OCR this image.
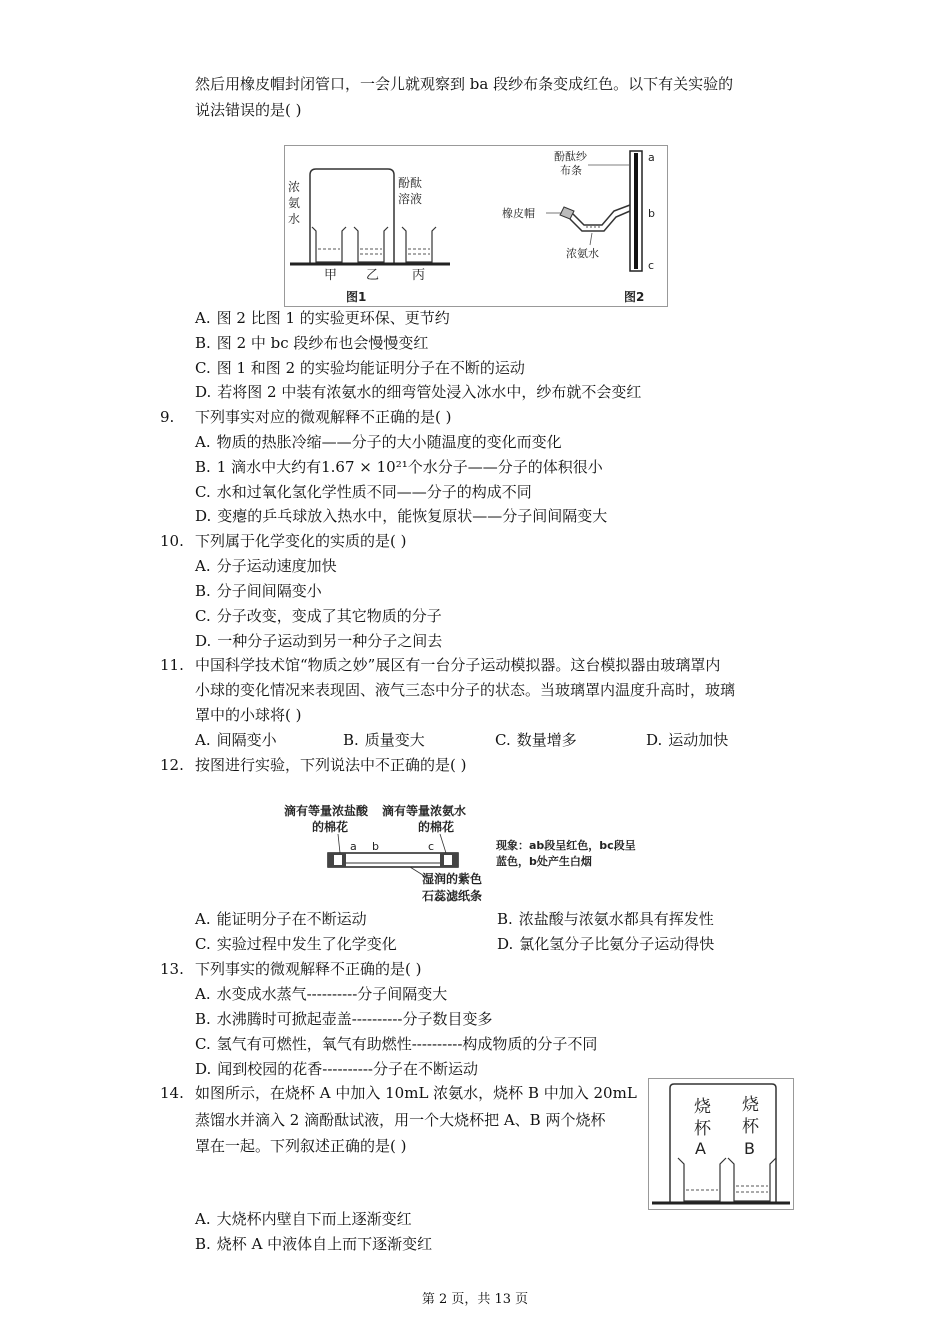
然后用橡皮帽封闭管口，一会儿就观察到 ba 段纱布条变成红色。以下有关实验的
说法错误的是( )
浓氨水
酚酞溶液
甲 乙	丙
图1
酚酞纱
布条
橡皮帽
浓氨水
a
b
c
图2
A. 图 2 比图 1 的实验更环保、更节约
B. 图 2 中 bc 段纱布也会慢慢变红
C. 图 1 和图 2 的实验均能证明分子在不断的运动
D. 若将图 2 中装有浓氨水的细弯管处浸入冰水中，纱布就不会变红
9. 下列事实对应的微观解释不正确的是( )
A. 物质的热胀冷缩——分子的大小随温度的变化而变化
B. 1 滴水中大约有1.67 × 10²¹个水分子——分子的体积很小
C. 水和过氧化氢化学性质不同——分子的构成不同
D. 变瘪的乒乓球放入热水中，能恢复原状——分子间间隔变大
10. 下列属于化学变化的实质的是( )
A. 分子运动速度加快
B. 分子间间隔变小
C. 分子改变，变成了其它物质的分子
D. 一种分子运动到另一种分子之间去
11. 中国科学技术馆“物质之妙”展区有一台分子运动模拟器。这台模拟器由玻璃罩内
小球的变化情况来表现固、液气三态中分子的状态。当玻璃罩内温度升高时，玻璃
罩中的小球将( )
A. 间隔变小	B. 质量变大	C. 数量增多	D. 运动加快
12. 按图进行实验，下列说法中不正确的是( )
滴有等量浓盐酸
的棉花
滴有等量浓氨水
的棉花
a b	c
湿润的紫色
石蕊滤纸条
现象：ab段呈红色，bc段呈
蓝色，b处产生白烟
A. 能证明分子在不断运动	B. 浓盐酸与浓氨水都具有挥发性
C. 实验过程中发生了化学变化	D. 氯化氢分子比氨分子运动得快
13. 下列事实的微观解释不正确的是( )
A. 水变成水蒸气----------分子间隔变大
B. 水沸腾时可掀起壶盖----------分子数目变多
C. 氢气有可燃性，氧气有助燃性----------构成物质的分子不同
D. 闻到校园的花香----------分子在不断运动
14. 如图所示，在烧杯 A 中加入 10mL 浓氨水，烧杯 B 中加入 20mL
蒸馏水并滴入 2 滴酚酞试液，用一个大烧杯把 A、B 两个烧杯
罩在一起。下列叙述正确的是( )
烧
杯
A
烧
杯
B
A. 大烧杯内壁自下而上逐渐变红
B. 烧杯 A 中液体自上而下逐渐变红
第 2 页，共 13 页
